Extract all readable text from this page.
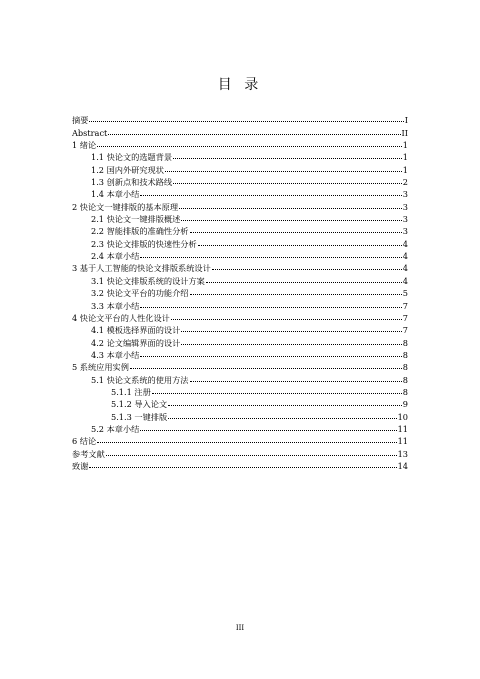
目 录
摘要	I
Abstract	II
1 绪论	1
1.1 快论文的选题背景	1
1.2 国内外研究现状	1
1.3 创新点和技术路线	2
1.4 本章小结	3
2 快论文一键排版的基本原理	3
2.1 快论文一键排版概述	3
2.2 智能排版的准确性分析	3
2.3 快论文排版的快速性分析	4
2.4 本章小结	4
3 基于人工智能的快论文排版系统设计	4
3.1 快论文排版系统的设计方案	4
3.2 快论文平台的功能介绍	5
3.3 本章小结	7
4 快论文平台的人性化设计	7
4.1 模板选择界面的设计	7
4.2 论文编辑界面的设计	8
4.3 本章小结	8
5 系统应用实例	8
5.1 快论文系统的使用方法	8
5.1.1 注册	8
5.1.2 导入论文	9
5.1.3 一键排版	10
5.2 本章小结	11
6 结论	11
参考文献	13
致谢	14
III
